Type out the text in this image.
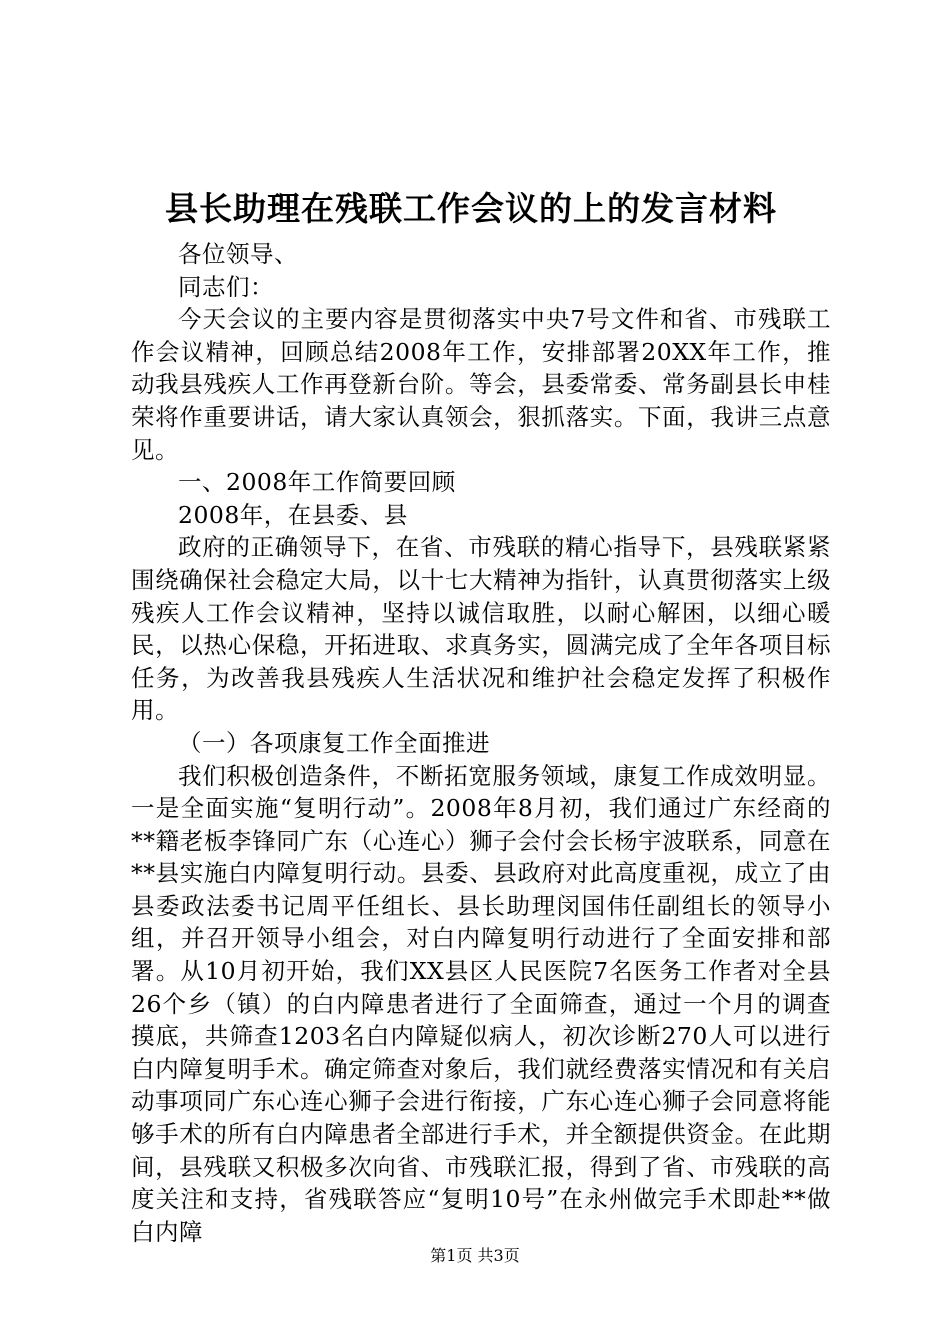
县长助理在残联工作会议的上的发言材料

各位领导、

同志们：

今天会议的主要内容是贯彻落实中央7号文件和省、市残联工作会议精神，回顾总结2008年工作，安排部署20XX年工作，推动我县残疾人工作再登新台阶。等会，县委常委、常务副县长申桂荣将作重要讲话，请大家认真领会，狠抓落实。下面，我讲三点意见。

一、2008年工作简要回顾

2008年，在县委、县

政府的正确领导下，在省、市残联的精心指导下，县残联紧紧围绕确保社会稳定大局，以十七大精神为指针，认真贯彻落实上级残疾人工作会议精神，坚持以诚信取胜，以耐心解困，以细心暖民，以热心保稳，开拓进取、求真务实，圆满完成了全年各项目标任务，为改善我县残疾人生活状况和维护社会稳定发挥了积极作用。

（一）各项康复工作全面推进

我们积极创造条件，不断拓宽服务领域，康复工作成效明显。一是全面实施“复明行动”。2008年8月初，我们通过广东经商的**籍老板李锋同广东（心连心）狮子会付会长杨宇波联系，同意在**县实施白内障复明行动。县委、县政府对此高度重视，成立了由县委政法委书记周平任组长、县长助理闵国伟任副组长的领导小组，并召开领导小组会，对白内障复明行动进行了全面安排和部署。从10月初开始，我们XX县区人民医院7名医务工作者对全县26个乡（镇）的白内障患者进行了全面筛查，通过一个月的调查摸底，共筛查1203名白内障疑似病人，初次诊断270人可以进行白内障复明手术。确定筛查对象后，我们就经费落实情况和有关启动事项同广东心连心狮子会进行衔接，广东心连心狮子会同意将能够手术的所有白内障患者全部进行手术，并全额提供资金。在此期间，县残联又积极多次向省、市残联汇报，得到了省、市残联的高度关注和支持，省残联答应“复明10号”在永州做完手术即赴**做白内障

第1页 共3页
